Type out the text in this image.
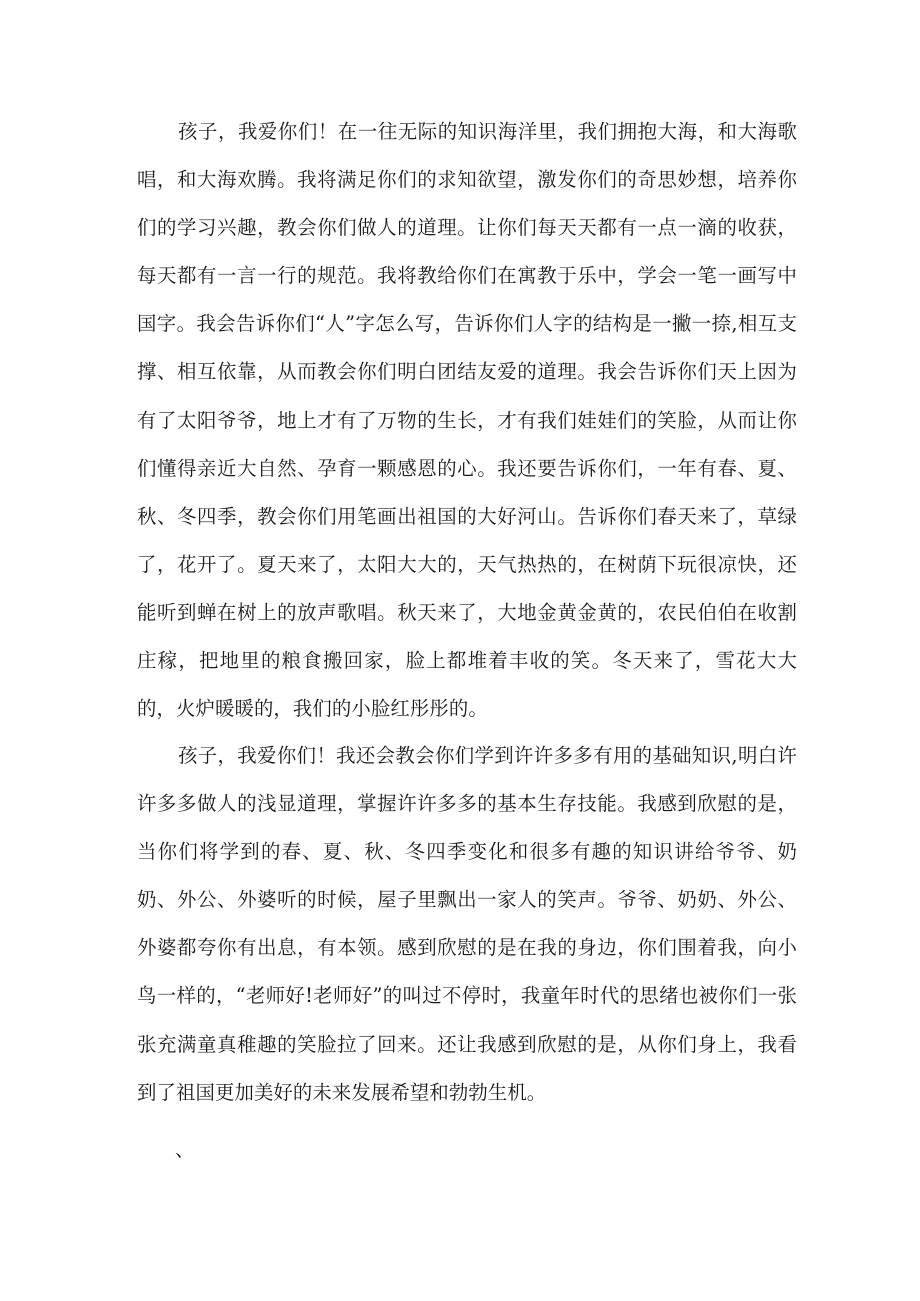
孩子，我爱你们！在一往无际的知识海洋里，我们拥抱大海，和大海歌唱，和大海欢腾。我将满足你们的求知欲望，激发你们的奇思妙想，培养你们的学习兴趣，教会你们做人的道理。让你们每天天都有一点一滴的收获，每天都有一言一行的规范。我将教给你们在寓教于乐中，学会一笔一画写中国字。我会告诉你们“人”字怎么写，告诉你们人字的结构是一撇一捺,相互支撑、相互依靠，从而教会你们明白团结友爱的道理。我会告诉你们天上因为有了太阳爷爷，地上才有了万物的生长，才有我们娃娃们的笑脸，从而让你们懂得亲近大自然、孕育一颗感恩的心。我还要告诉你们，一年有春、夏、秋、冬四季，教会你们用笔画出祖国的大好河山。告诉你们春天来了，草绿了，花开了。夏天来了，太阳大大的，天气热热的，在树荫下玩很凉快，还能听到蝉在树上的放声歌唱。秋天来了，大地金黄金黄的，农民伯伯在收割庄稼，把地里的粮食搬回家，脸上都堆着丰收的笑。冬天来了，雪花大大的，火炉暖暖的，我们的小脸红彤彤的。

孩子，我爱你们！我还会教会你们学到许许多多有用的基础知识,明白许许多多做人的浅显道理，掌握许许多多的基本生存技能。我感到欣慰的是，当你们将学到的春、夏、秋、冬四季变化和很多有趣的知识讲给爷爷、奶奶、外公、外婆听的时候，屋子里飘出一家人的笑声。爷爷、奶奶、外公、外婆都夸你有出息，有本领。感到欣慰的是在我的身边，你们围着我，向小鸟一样的，“老师好!老师好”的叫过不停时，我童年时代的思绪也被你们一张张充满童真稚趣的笑脸拉了回来。还让我感到欣慰的是，从你们身上，我看到了祖国更加美好的未来发展希望和勃勃生机。

、
